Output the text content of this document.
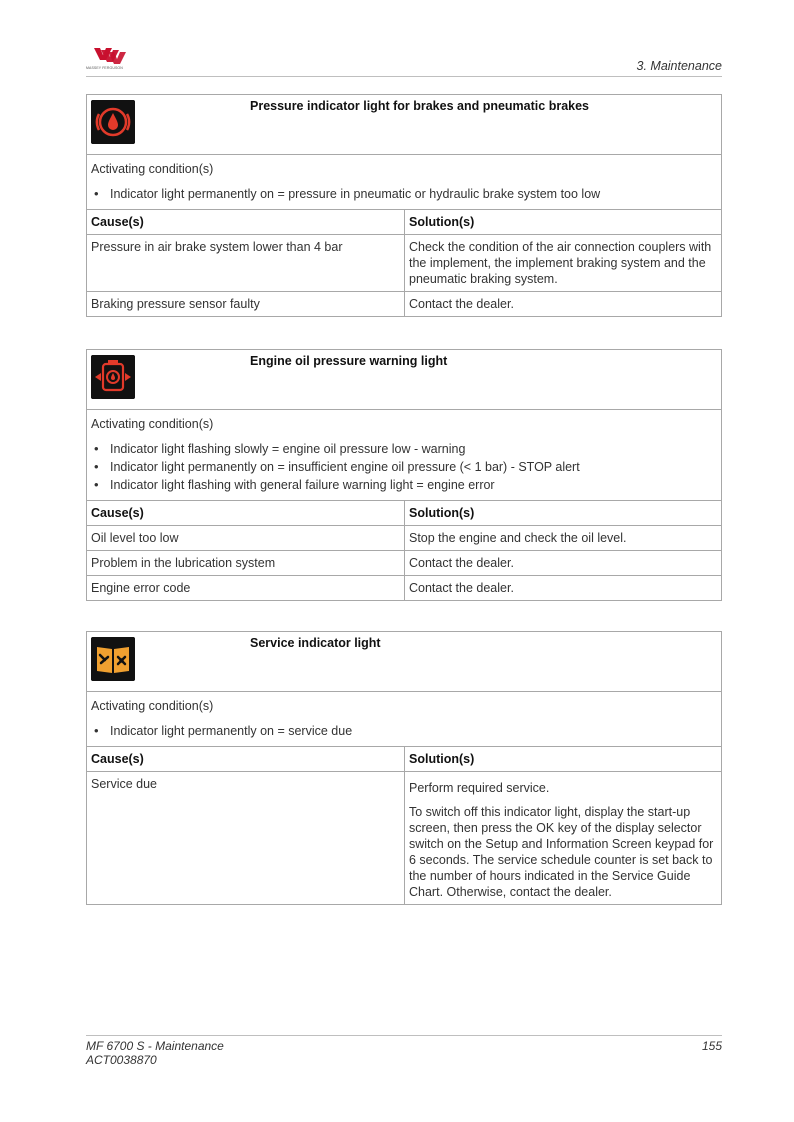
MASSEY FERGUSON	3. Maintenance
Pressure indicator light for brakes and pneumatic brakes
Activating condition(s)
• Indicator light permanently on = pressure in pneumatic or hydraulic brake system too low
Cause(s)	Solution(s)
Pressure in air brake system lower than 4 bar	Check the condition of the air connection couplers with the implement, the implement braking system and the pneumatic braking system.
Braking pressure sensor faulty	Contact the dealer.
Engine oil pressure warning light
Activating condition(s)
• Indicator light flashing slowly = engine oil pressure low - warning
• Indicator light permanently on = insufficient engine oil pressure (< 1 bar) - STOP alert
• Indicator light flashing with general failure warning light = engine error
Cause(s)	Solution(s)
Oil level too low	Stop the engine and check the oil level.
Problem in the lubrication system	Contact the dealer.
Engine error code	Contact the dealer.
Service indicator light
Activating condition(s)
• Indicator light permanently on = service due
Cause(s)	Solution(s)
Service due	Perform required service.

To switch off this indicator light, display the start-up screen, then press the OK key of the display selector switch on the Setup and Information Screen keypad for 6 seconds. The service schedule counter is set back to the number of hours indicated in the Service Guide Chart. Otherwise, contact the dealer.

MF 6700 S - Maintenance
ACT0038870
155
